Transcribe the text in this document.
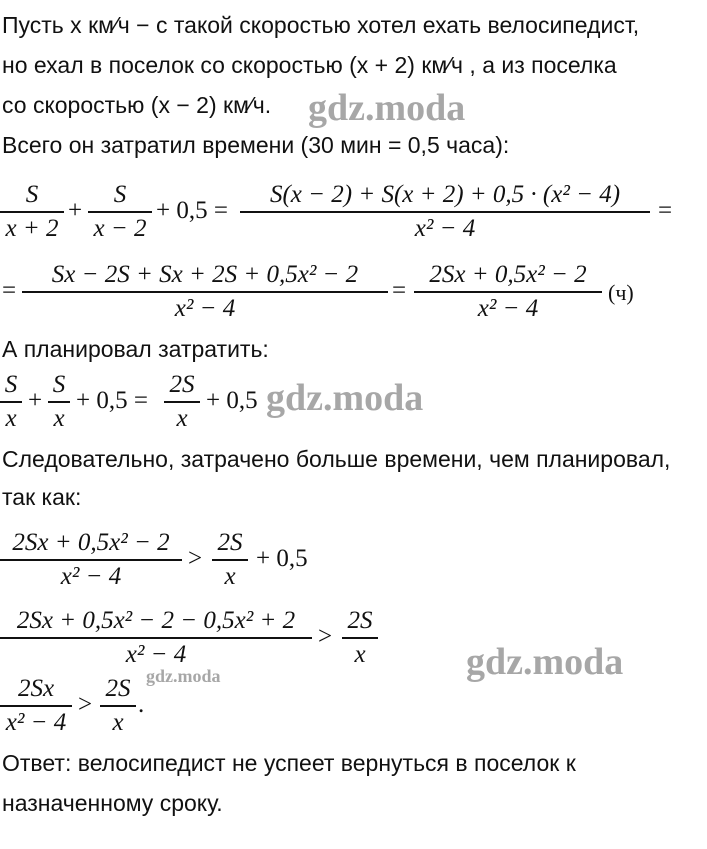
Пусть x км⁄ч − с такой скоростью хотел ехать велосипедист,
но ехал в поселок со скоростью (x + 2) км⁄ч , а из поселка
со скоростью (x − 2) км⁄ч.
Всего он затратил времени (30 мин = 0,5 часа):
S
x + 2
+
S
x − 2
+ 0,5 =
S(x − 2) + S(x + 2) + 0,5 · (x² − 4)
x² − 4
=
=
Sx − 2S + Sx + 2S + 0,5x² − 2
x² − 4
=
2Sx + 0,5x² − 2
x² − 4
(ч)
А планировал затратить:
S
x
+
S
x
+ 0,5 =
2S
x
+ 0,5
Следовательно, затрачено больше времени, чем планировал,
так как:
2Sx + 0,5x² − 2
x² − 4
>
2S
x
+ 0,5
2Sx + 0,5x² − 2 − 0,5x² + 2
x² − 4
>
2S
x
2Sx
x² − 4
>
2S
x
.
Ответ: велосипедист не успеет вернуться в поселок к
назначенному сроку.
gdz.moda
gdz.moda
gdz.moda
gdz.moda
